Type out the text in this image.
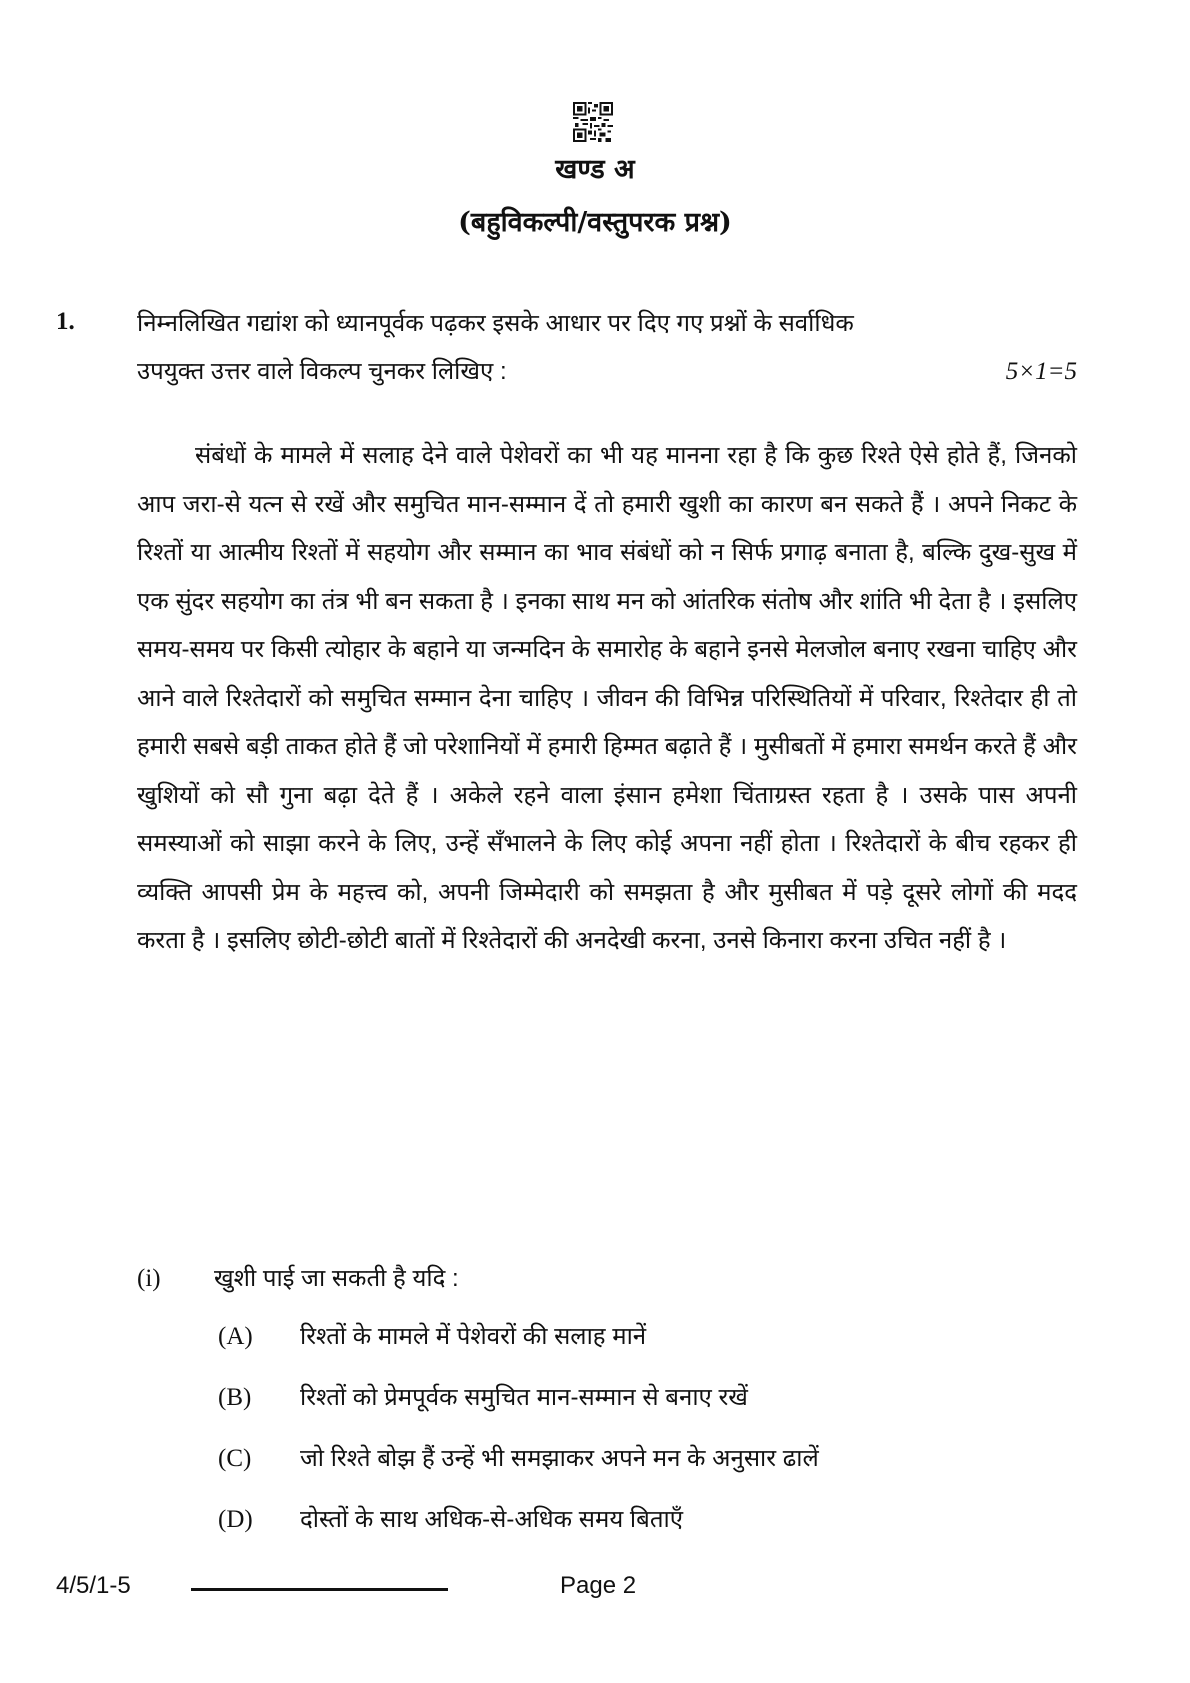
खण्ड अ
(बहुविकल्पी/वस्तुपरक प्रश्न)
1.	निम्नलिखित गद्यांश को ध्यानपूर्वक पढ़कर इसके आधार पर दिए गए प्रश्नों के सर्वाधिक
उपयुक्त उत्तर वाले विकल्प चुनकर लिखिए :	5×1=5

संबंधों के मामले में सलाह देने वाले पेशेवरों का भी यह मानना रहा है कि कुछ रिश्ते ऐसे होते हैं, जिनको आप जरा-से यत्न से रखें और समुचित मान-सम्मान दें तो हमारी खुशी का कारण बन सकते हैं । अपने निकट के रिश्तों या आत्मीय रिश्तों में सहयोग और सम्मान का भाव संबंधों को न सिर्फ प्रगाढ़ बनाता है, बल्कि दुख-सुख में एक सुंदर सहयोग का तंत्र भी बन सकता है । इनका साथ मन को आंतरिक संतोष और शांति भी देता है । इसलिए समय-समय पर किसी त्योहार के बहाने या जन्मदिन के समारोह के बहाने इनसे मेलजोल बनाए रखना चाहिए और आने वाले रिश्तेदारों को समुचित सम्मान देना चाहिए । जीवन की विभिन्न परिस्थितियों में परिवार, रिश्तेदार ही तो हमारी सबसे बड़ी ताकत होते हैं जो परेशानियों में हमारी हिम्मत बढ़ाते हैं । मुसीबतों में हमारा समर्थन करते हैं और खुशियों को सौ गुना बढ़ा देते हैं । अकेले रहने वाला इंसान हमेशा चिंताग्रस्त रहता है । उसके पास अपनी समस्याओं को साझा करने के लिए, उन्हें सँभालने के लिए कोई अपना नहीं होता । रिश्तेदारों के बीच रहकर ही व्यक्ति आपसी प्रेम के महत्त्व को, अपनी जिम्मेदारी को समझता है और मुसीबत में पड़े दूसरे लोगों की मदद करता है । इसलिए छोटी-छोटी बातों में रिश्तेदारों की अनदेखी करना, उनसे किनारा करना उचित नहीं है ।

(i)	खुशी पाई जा सकती है यदि :
(A)	रिश्तों के मामले में पेशेवरों की सलाह मानें
(B)	रिश्तों को प्रेमपूर्वक समुचित मान-सम्मान से बनाए रखें
(C)	जो रिश्ते बोझ हैं उन्हें भी समझाकर अपने मन के अनुसार ढालें
(D)	दोस्तों के साथ अधिक-से-अधिक समय बिताएँ
4/5/1-5	Page 2
